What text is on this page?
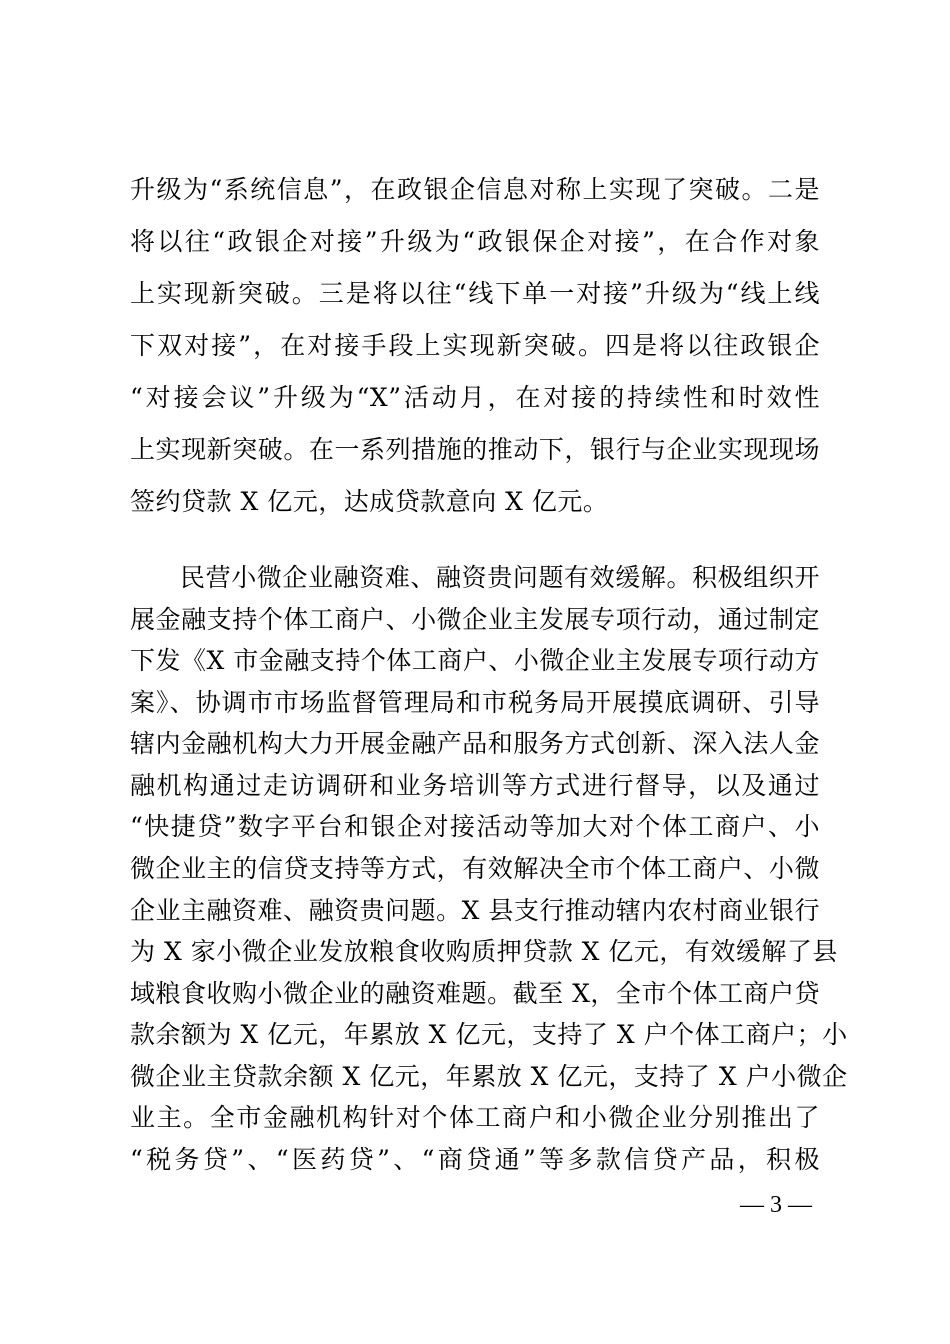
升级为“系统信息”，在政银企信息对称上实现了突破。二是
将以往“政银企对接”升级为“政银保企对接”，在合作对象
上实现新突破。三是将以往“线下单一对接”升级为“线上线
下双对接”，在对接手段上实现新突破。四是将以往政银企
“对接会议”升级为“X”活动月，在对接的持续性和时效性
上实现新突破。在一系列措施的推动下，银行与企业实现现场
签约贷款 X 亿元，达成贷款意向 X 亿元。
民营小微企业融资难、融资贵问题有效缓解。积极组织开
展金融支持个体工商户、小微企业主发展专项行动，通过制定
下发《X 市金融支持个体工商户、小微企业主发展专项行动方
案》、协调市市场监督管理局和市税务局开展摸底调研、引导
辖内金融机构大力开展金融产品和服务方式创新、深入法人金
融机构通过走访调研和业务培训等方式进行督导，以及通过
“快捷贷”数字平台和银企对接活动等加大对个体工商户、小
微企业主的信贷支持等方式，有效解决全市个体工商户、小微
企业主融资难、融资贵问题。X 县支行推动辖内农村商业银行
为 X 家小微企业发放粮食收购质押贷款 X 亿元，有效缓解了县
域粮食收购小微企业的融资难题。截至 X，全市个体工商户贷
款余额为 X 亿元，年累放 X 亿元，支持了 X 户个体工商户；小
微企业主贷款余额 X 亿元，年累放 X 亿元，支持了 X 户小微企
业主。全市金融机构针对个体工商户和小微企业分别推出了
“税务贷”、“医药贷”、“商贷通”等多款信贷产品，积极
— 3 —
